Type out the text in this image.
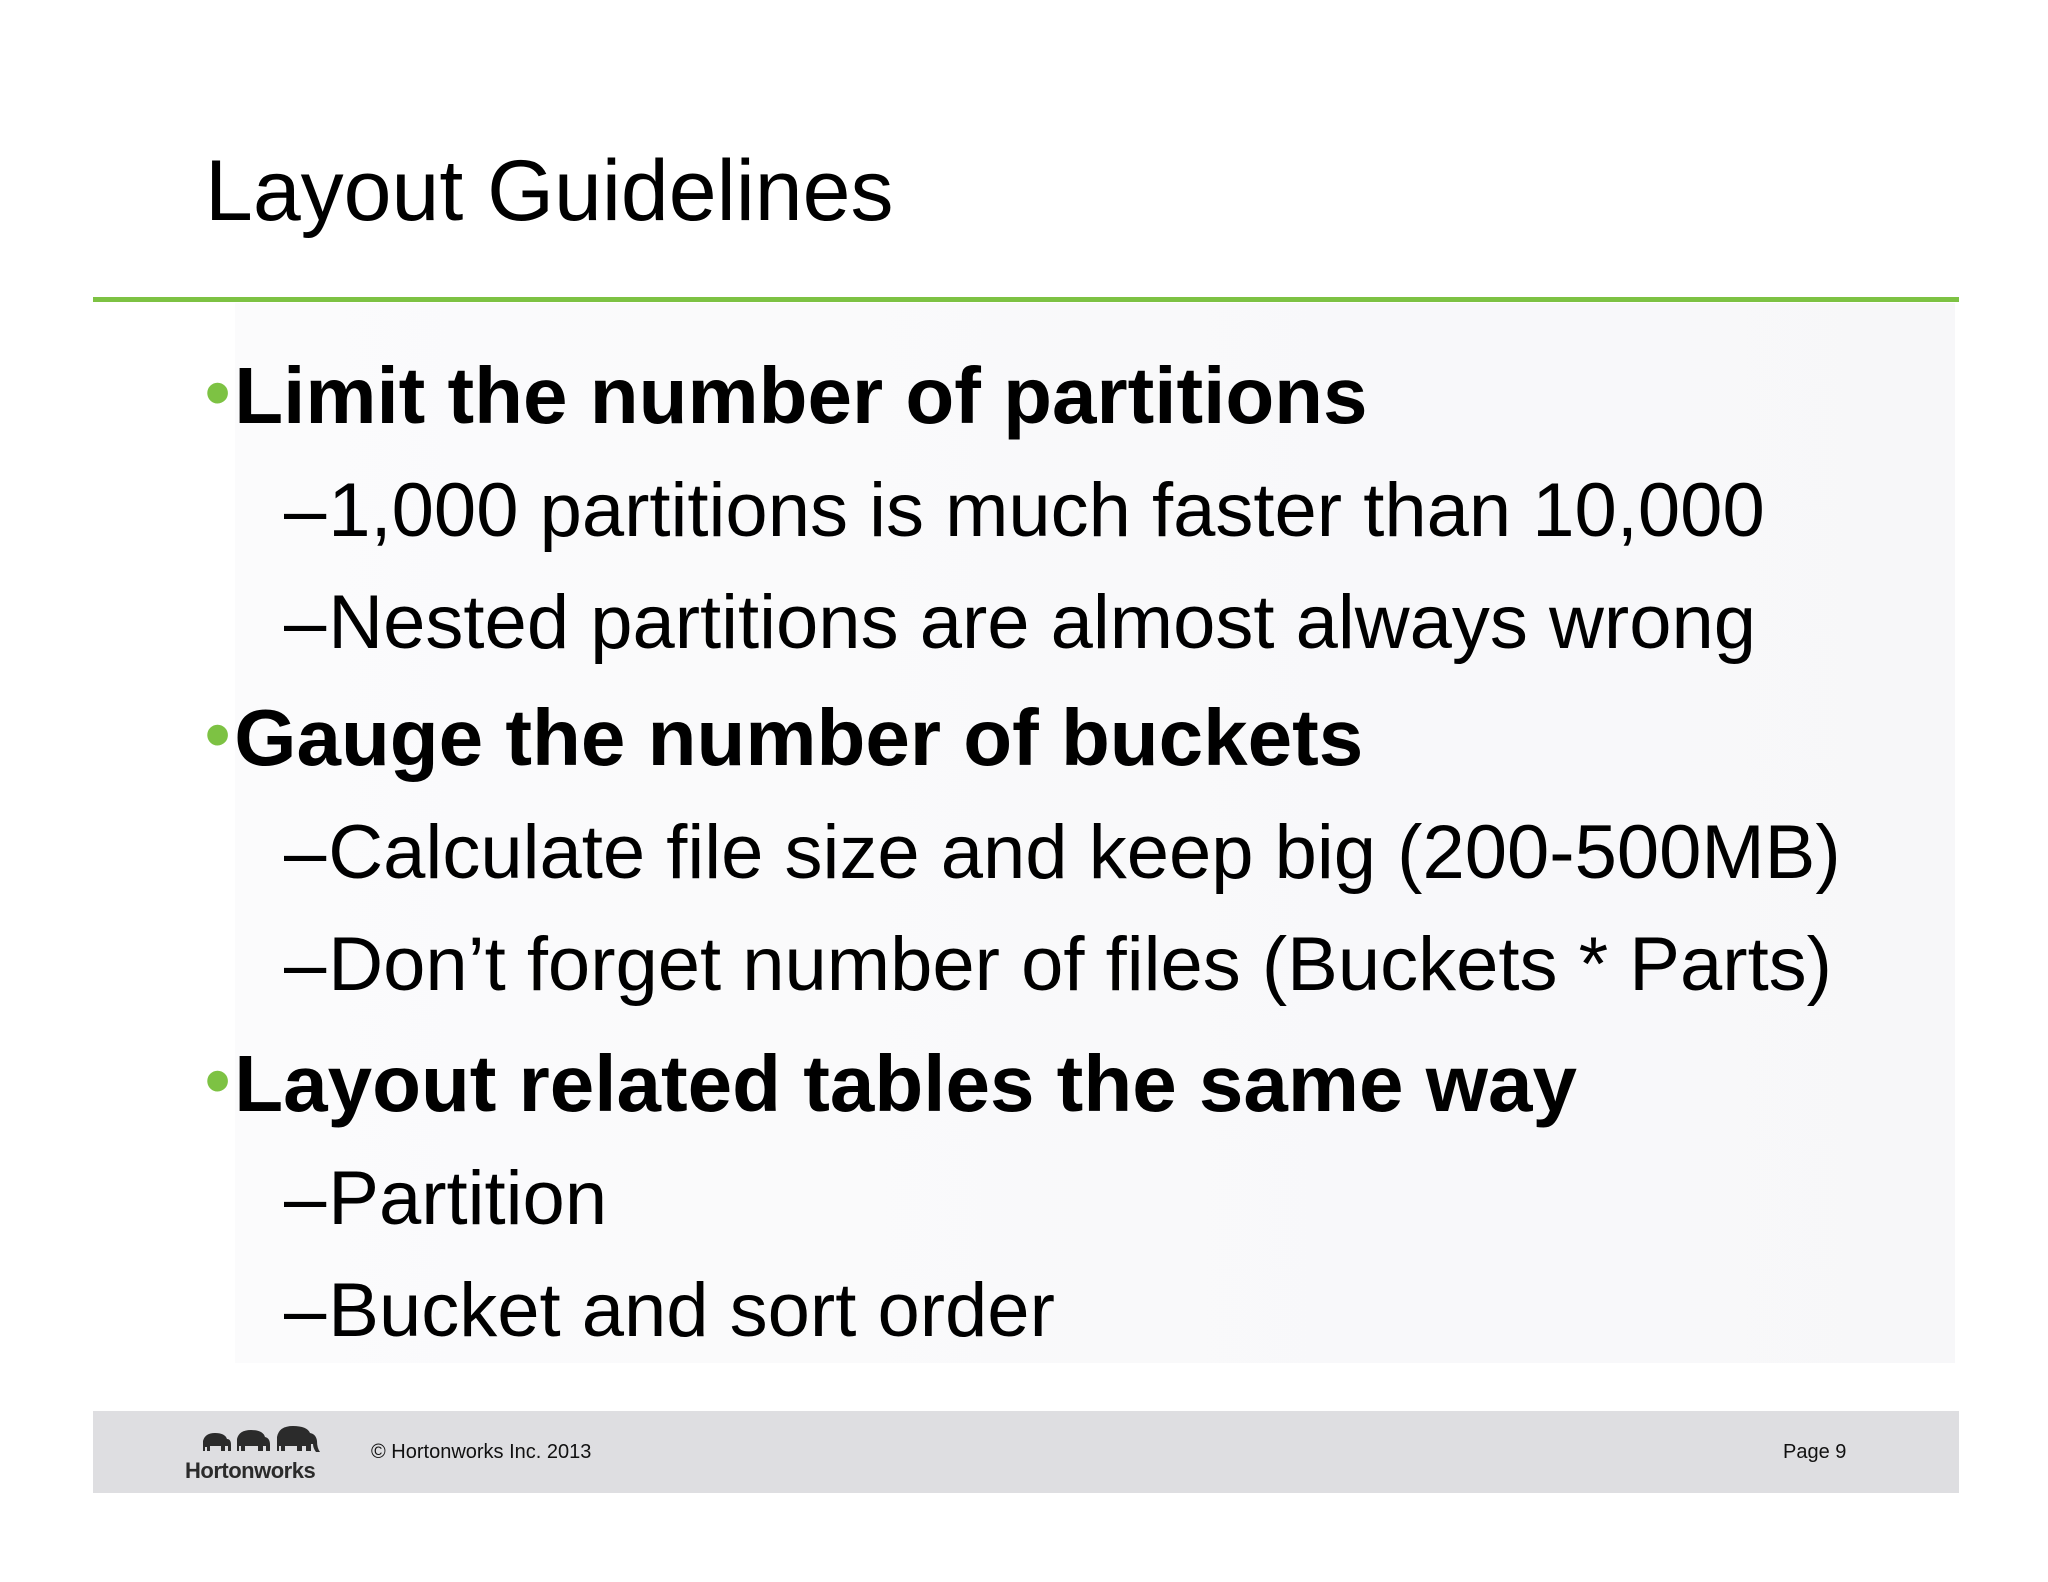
Layout Guidelines
•Limit the number of partitions
–1,000 partitions is much faster than 10,000
–Nested partitions are almost always wrong
•Gauge the number of buckets
–Calculate file size and keep big (200-500MB)
–Don’t forget number of files (Buckets * Parts)
•Layout related tables the same way
–Partition
–Bucket and sort order
Hortonworks
© Hortonworks Inc. 2013	Page 9
